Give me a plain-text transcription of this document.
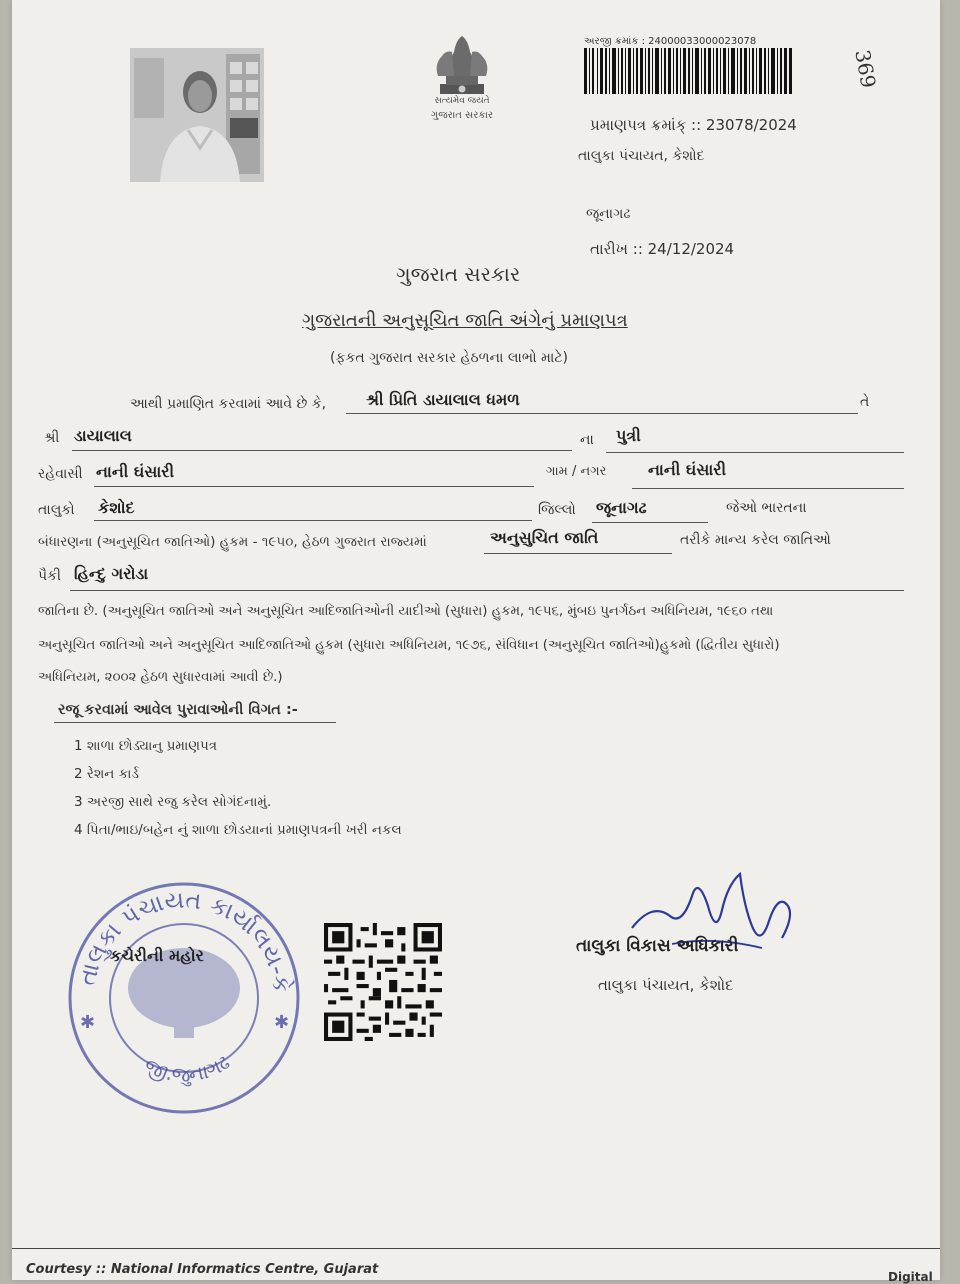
સત્યમેવ જયતે
ગુજરાત સરકાર
અરજી ક્રમાંક : 24000033000023078
369
પ્રમાણપત્ર ક્રમાંક્ :: 23078/2024
તાલુકા પંચાયત, કેશોદ
જૂનાગઢ
તારીખ :: 24/12/2024
ગુજરાત સરકાર
ગુજરાતની અનુસૂચિત જાતિ અંગેનું પ્રમાણપત્ર
(ફકત ગુજરાત સરકાર હેઠળના લાભો માટે)
આથી પ્રમાણિત કરવામાં આવે છે કે, શ્રી પ્રિતિ ડાયાલાલ ધમળ	તે
શ્રી ડાયાલાલ	ના પુત્રી
રહેવાસી નાની ઘંસારી	ગામ / નગર	નાની ઘંસારી
તાલુકો કેશોદ	જિલ્લો જૂનાગઢ	જેઓ ભારતના
બંધારણના (અનુસૂચિત જાતિઓ) હુકમ - ૧૯૫૦, હેઠળ ગુજરાત રાજ્યમાં	અનુસુચિત જાતિ	તરીકે માન્ય કરેલ જાતિઓ
પૈકી હિન્દુ ગરોડા
જાતિના છે. (અનુસૂચિત જાતિઓ અને અનુસૂચિત આદિજાતિઓની યાદીઓ (સુધારા) હુકમ, ૧૯૫૬, મુંબઇ પુનર્ગઠન અધિનિયમ, ૧૯૬૦ તથા
અનુસૂચિત જાતિઓ અને અનુસૂચિત આદિજાતિઓ હુકમ (સુધારા અધિનિયમ, ૧૯૭૬, સંવિધાન (અનુસૂચિત જાતિઓ)હુકમો (દ્વિતીય સુધારો)
અધિનિયમ, ૨૦૦૨ હેઠળ સુધારવામાં આવી છે.)
રજૂ કરવામાં આવેલ પુરાવાઓની વિગત :-
1 શાળા છોડ્યાનુ પ્રમાણપત્ર
2 રેશન કાર્ડ
3 અરજી સાથે રજુ કરેલ સોગંદનામું.
4 પિતા/ભાઇ/બહેન નું શાળા છોડયાનાં પ્રમાણપત્રની ખરી નકલ
તાલુકા પંચાયત કાર્યાલય-કે
જી.જુનાગઢ
✱
✱
કચેરીની મહોર	તાલુકા વિકાસ અધિકારી
તાલુકા પંચાયત, કેશોદ
Courtesy :: National Informatics Centre, Gujarat	Digital
